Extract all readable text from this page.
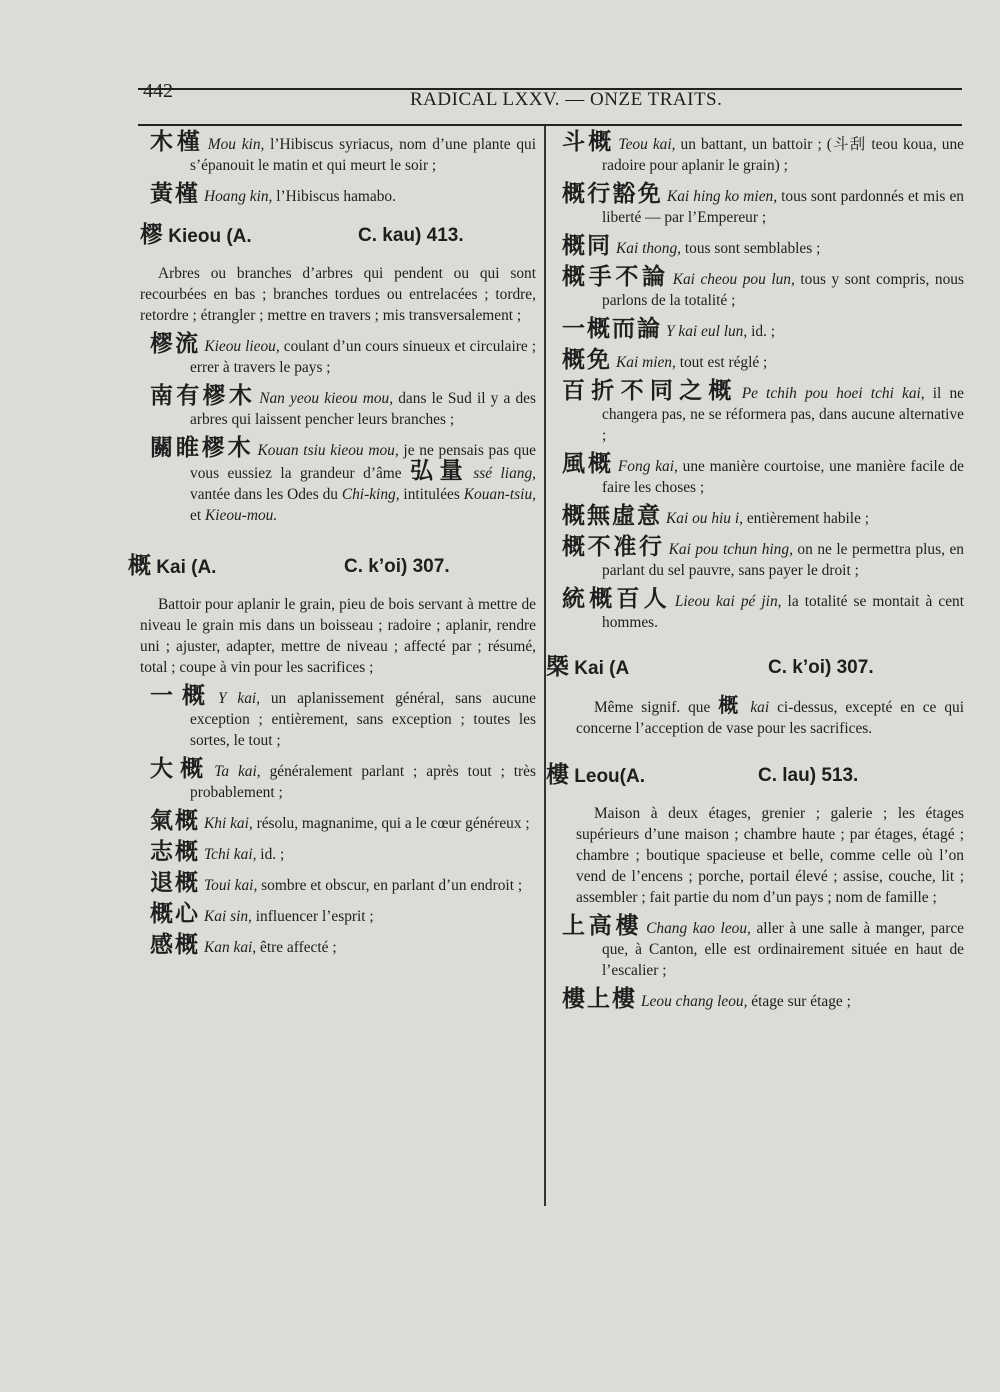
442	RADICAL LXXV. — ONZE TRAITS.

木槿 Mou kin, l’Hibiscus syriacus, nom d’une plante qui s’épanouit le matin et qui meurt le soir ;

黃槿 Hoang kin, l’Hibiscus hamabo.

樛 Kieou (A.	C. kau) 413.

Arbres ou branches d’arbres qui pendent ou qui sont recourbées en bas ; branches tordues ou entrelacées ; tordre, retordre ; étrangler ; mettre en travers ; mis transversalement ;

樛流 Kieou lieou, coulant d’un cours sinueux et circulaire ; errer à travers le pays ;

南有樛木 Nan yeou kieou mou, dans le Sud il y a des arbres qui laissent pencher leurs branches ;

關睢樛木 Kouan tsiu kieou mou, je ne pensais pas que vous eussiez la grandeur d’âme 弘量 ssé liang, vantée dans les Odes du Chi-king, intitulées Kouan-tsiu, et Kieou-mou.

概 Kai (A.	C. k’oi) 307.

Battoir pour aplanir le grain, pieu de bois servant à mettre de niveau le grain mis dans un boisseau ; radoire ; aplanir, rendre uni ; ajuster, adapter, mettre de niveau ; affecté par ; résumé, total ; coupe à vin pour les sacrifices ;

一概 Y kai, un aplanissement général, sans aucune exception ; entièrement, sans exception ; toutes les sortes, le tout ;

大概 Ta kai, généralement parlant ; après tout ; très probablement ;

氣概 Khi kai, résolu, magnanime, qui a le cœur généreux ;

志概 Tchi kai, id. ;

退概 Toui kai, sombre et obscur, en parlant d’un endroit ;

概心 Kai sin, influencer l’esprit ;

感概 Kan kai, être affecté ;

斗概 Teou kai, un battant, un battoir ; (斗刮 teou koua, une radoire pour aplanir le grain) ;

概行豁免 Kai hing ko mien, tous sont pardonnés et mis en liberté — par l’Empereur ;

概同 Kai thong, tous sont semblables ;

概手不論 Kai cheou pou lun, tous y sont compris, nous parlons de la totalité ;

一概而論 Y kai eul lun, id. ;

概免 Kai mien, tout est réglé ;

百折不同之概 Pe tchih pou hoei tchi kai, il ne changera pas, ne se réformera pas, dans aucune alternative ;

風概 Fong kai, une manière courtoise, une manière facile de faire les choses ;

概無虛意 Kai ou hiu i, entièrement habile ;

概不准行 Kai pou tchun hing, on ne le permettra plus, en parlant du sel pauvre, sans payer le droit ;

統概百人 Lieou kai pé jin, la totalité se montait à cent hommes.

槩 Kai (A	C. k’oi) 307.

Même signif. que 概 kai ci-dessus, excepté en ce qui concerne l’acception de vase pour les sacrifices.

樓 Leou(A.	C. lau) 513.

Maison à deux étages, grenier ; galerie ; les étages supérieurs d’une maison ; chambre haute ; par étages, étagé ; chambre ; boutique spacieuse et belle, comme celle où l’on vend de l’encens ; porche, portail élevé ; assise, couche, lit ; assembler ; fait partie du nom d’un pays ; nom de famille ;

上高樓 Chang kao leou, aller à une salle à manger, parce que, à Canton, elle est ordinairement située en haut de l’escalier ;

樓上樓 Leou chang leou, étage sur étage ;
